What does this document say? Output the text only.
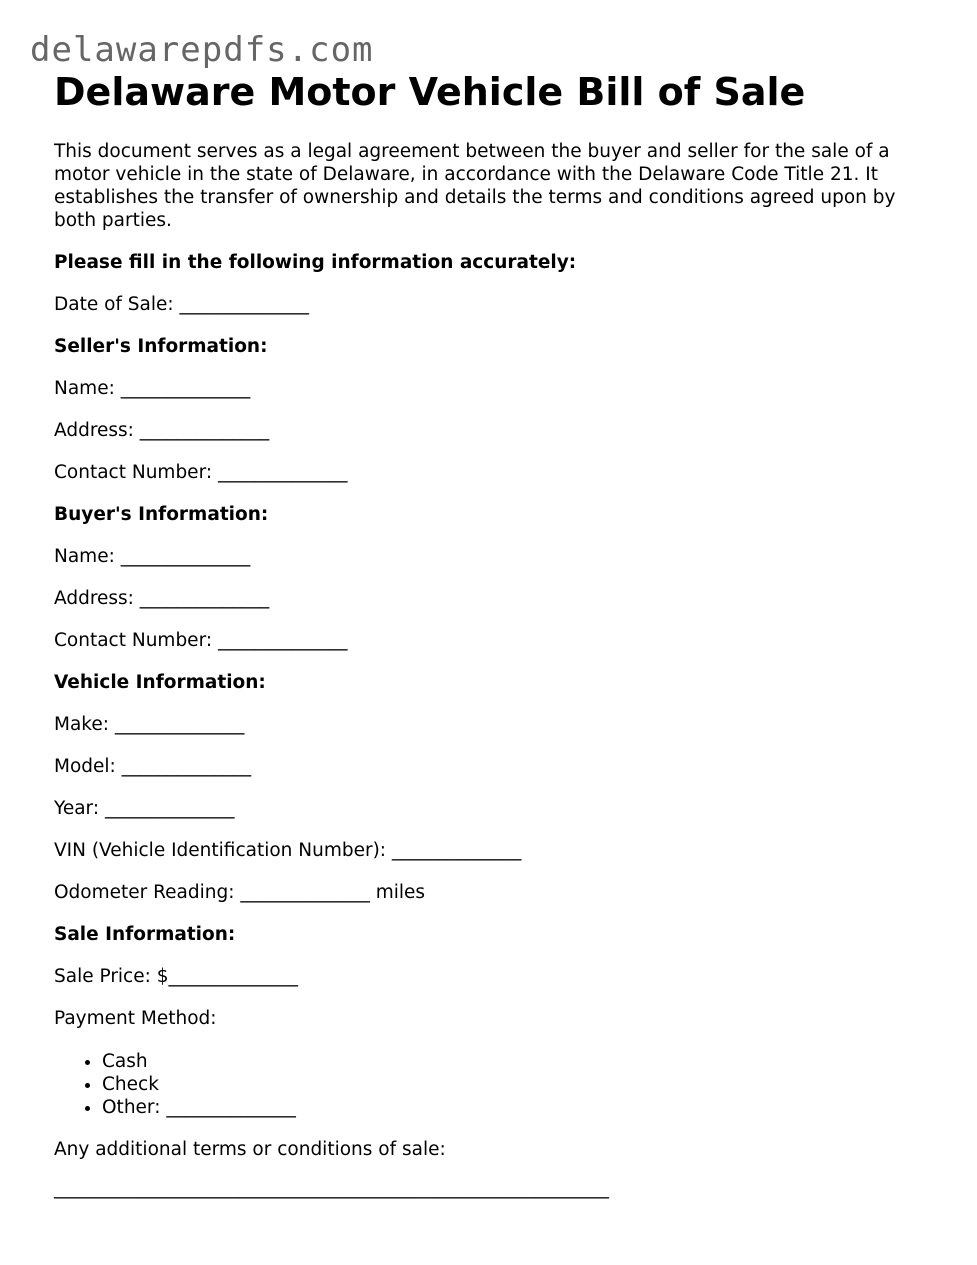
delawarepdfs.com
Delaware Motor Vehicle Bill of Sale

This document serves as a legal agreement between the buyer and seller for the sale of a motor vehicle in the state of Delaware, in accordance with the Delaware Code Title 21. It establishes the transfer of ownership and details the terms and conditions agreed upon by both parties.

Please fill in the following information accurately:
Date of Sale: ______________
Seller's Information:
Name: ______________
Address: ______________
Contact Number: ______________
Buyer's Information:
Name: ______________
Address: ______________
Contact Number: ______________
Vehicle Information:
Make: ______________
Model: ______________
Year: ______________
VIN (Vehicle Identification Number): ______________
Odometer Reading: ______________ miles
Sale Information:
Sale Price: $______________
Payment Method:
• Cash
• Check
• Other: ______________
Any additional terms or conditions of sale:
____________________________________________________________
